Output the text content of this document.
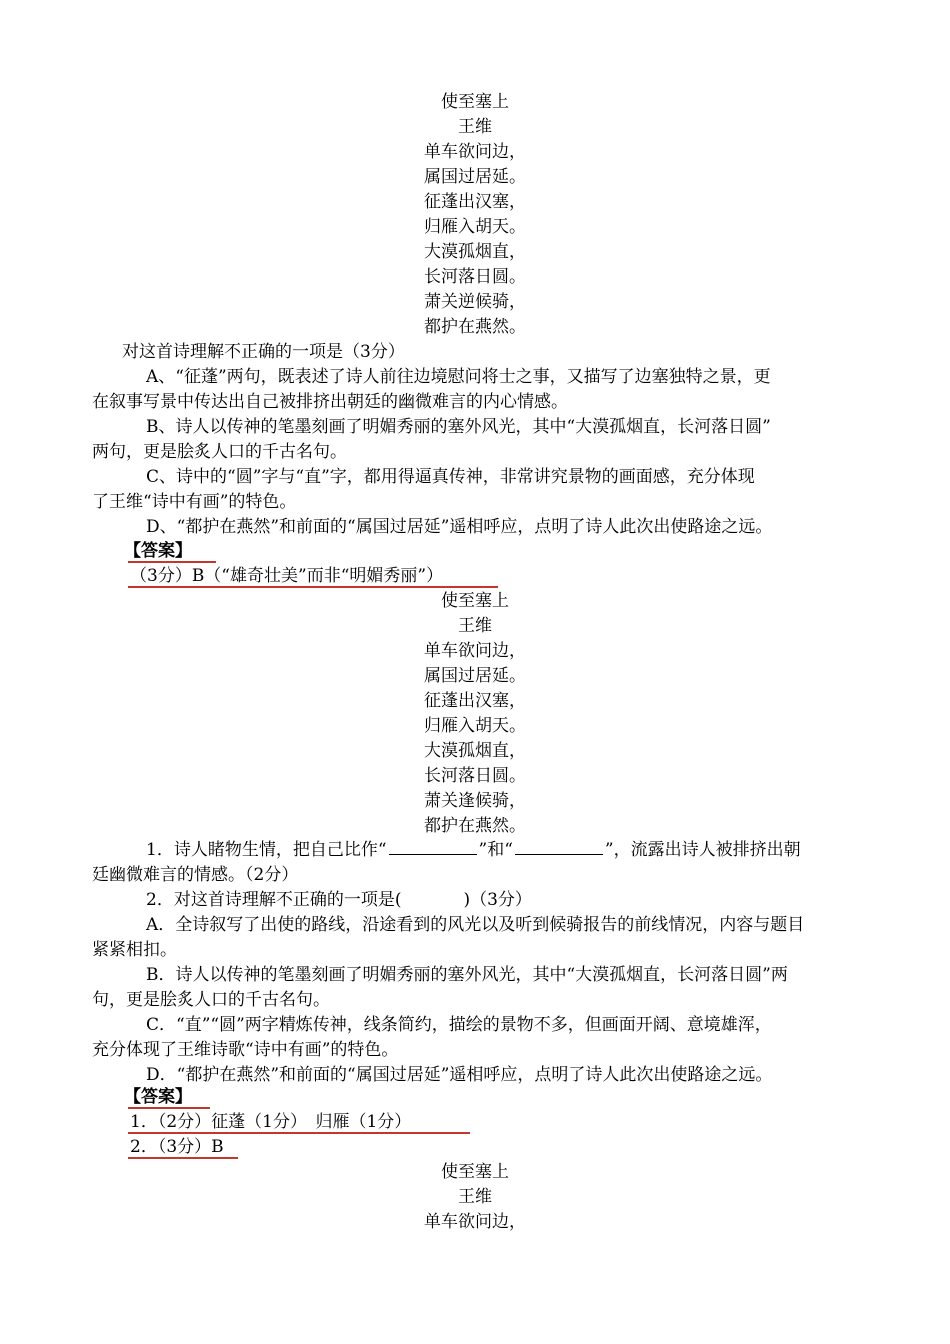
使至塞上
王维
单车欲问边，
属国过居延。
征蓬出汉塞，
归雁入胡天。
大漠孤烟直，
长河落日圆。
萧关逆候骑，
都护在燕然。
对这首诗理解不正确的一项是（3分）
A、“征蓬”两句，既表述了诗人前往边境慰问将士之事，又描写了边塞独特之景，更
在叙事写景中传达出自己被排挤出朝廷的幽微难言的内心情感。
B、诗人以传神的笔墨刻画了明媚秀丽的塞外风光，其中“大漠孤烟直，长河落日圆”
两句，更是脍炙人口的千古名句。
C、诗中的“圆”字与“直”字，都用得逼真传神，非常讲究景物的画面感，充分体现
了王维“诗中有画”的特色。
D、“都护在燕然”和前面的“属国过居延”遥相呼应，点明了诗人此次出使路途之远。
【答案】
（3分）B（“雄奇壮美”而非“明媚秀丽”）
使至塞上
王维
单车欲问边，
属国过居延。
征蓬出汉塞，
归雁入胡天。
大漠孤烟直，
长河落日圆。
萧关逢候骑，
都护在燕然。
1．诗人睹物生情，把自己比作“	”和“	”，流露出诗人被排挤出朝
廷幽微难言的情感。（2分）
2．对这首诗理解不正确的一项是(	)（3分）
A．全诗叙写了出使的路线，沿途看到的风光以及听到候骑报告的前线情况，内容与题目
紧紧相扣。
B．诗人以传神的笔墨刻画了明媚秀丽的塞外风光，其中“大漠孤烟直，长河落日圆”两
句，更是脍炙人口的千古名句。
C．“直”“圆”两字精炼传神，线条简约，描绘的景物不多，但画面开阔、意境雄浑，
充分体现了王维诗歌“诗中有画”的特色。
D．“都护在燕然”和前面的“属国过居延”遥相呼应，点明了诗人此次出使路途之远。
【答案】
1．（2分）征蓬（1分）　归雁（1分）
2．（3分）B
使至塞上
王维
单车欲问边，
